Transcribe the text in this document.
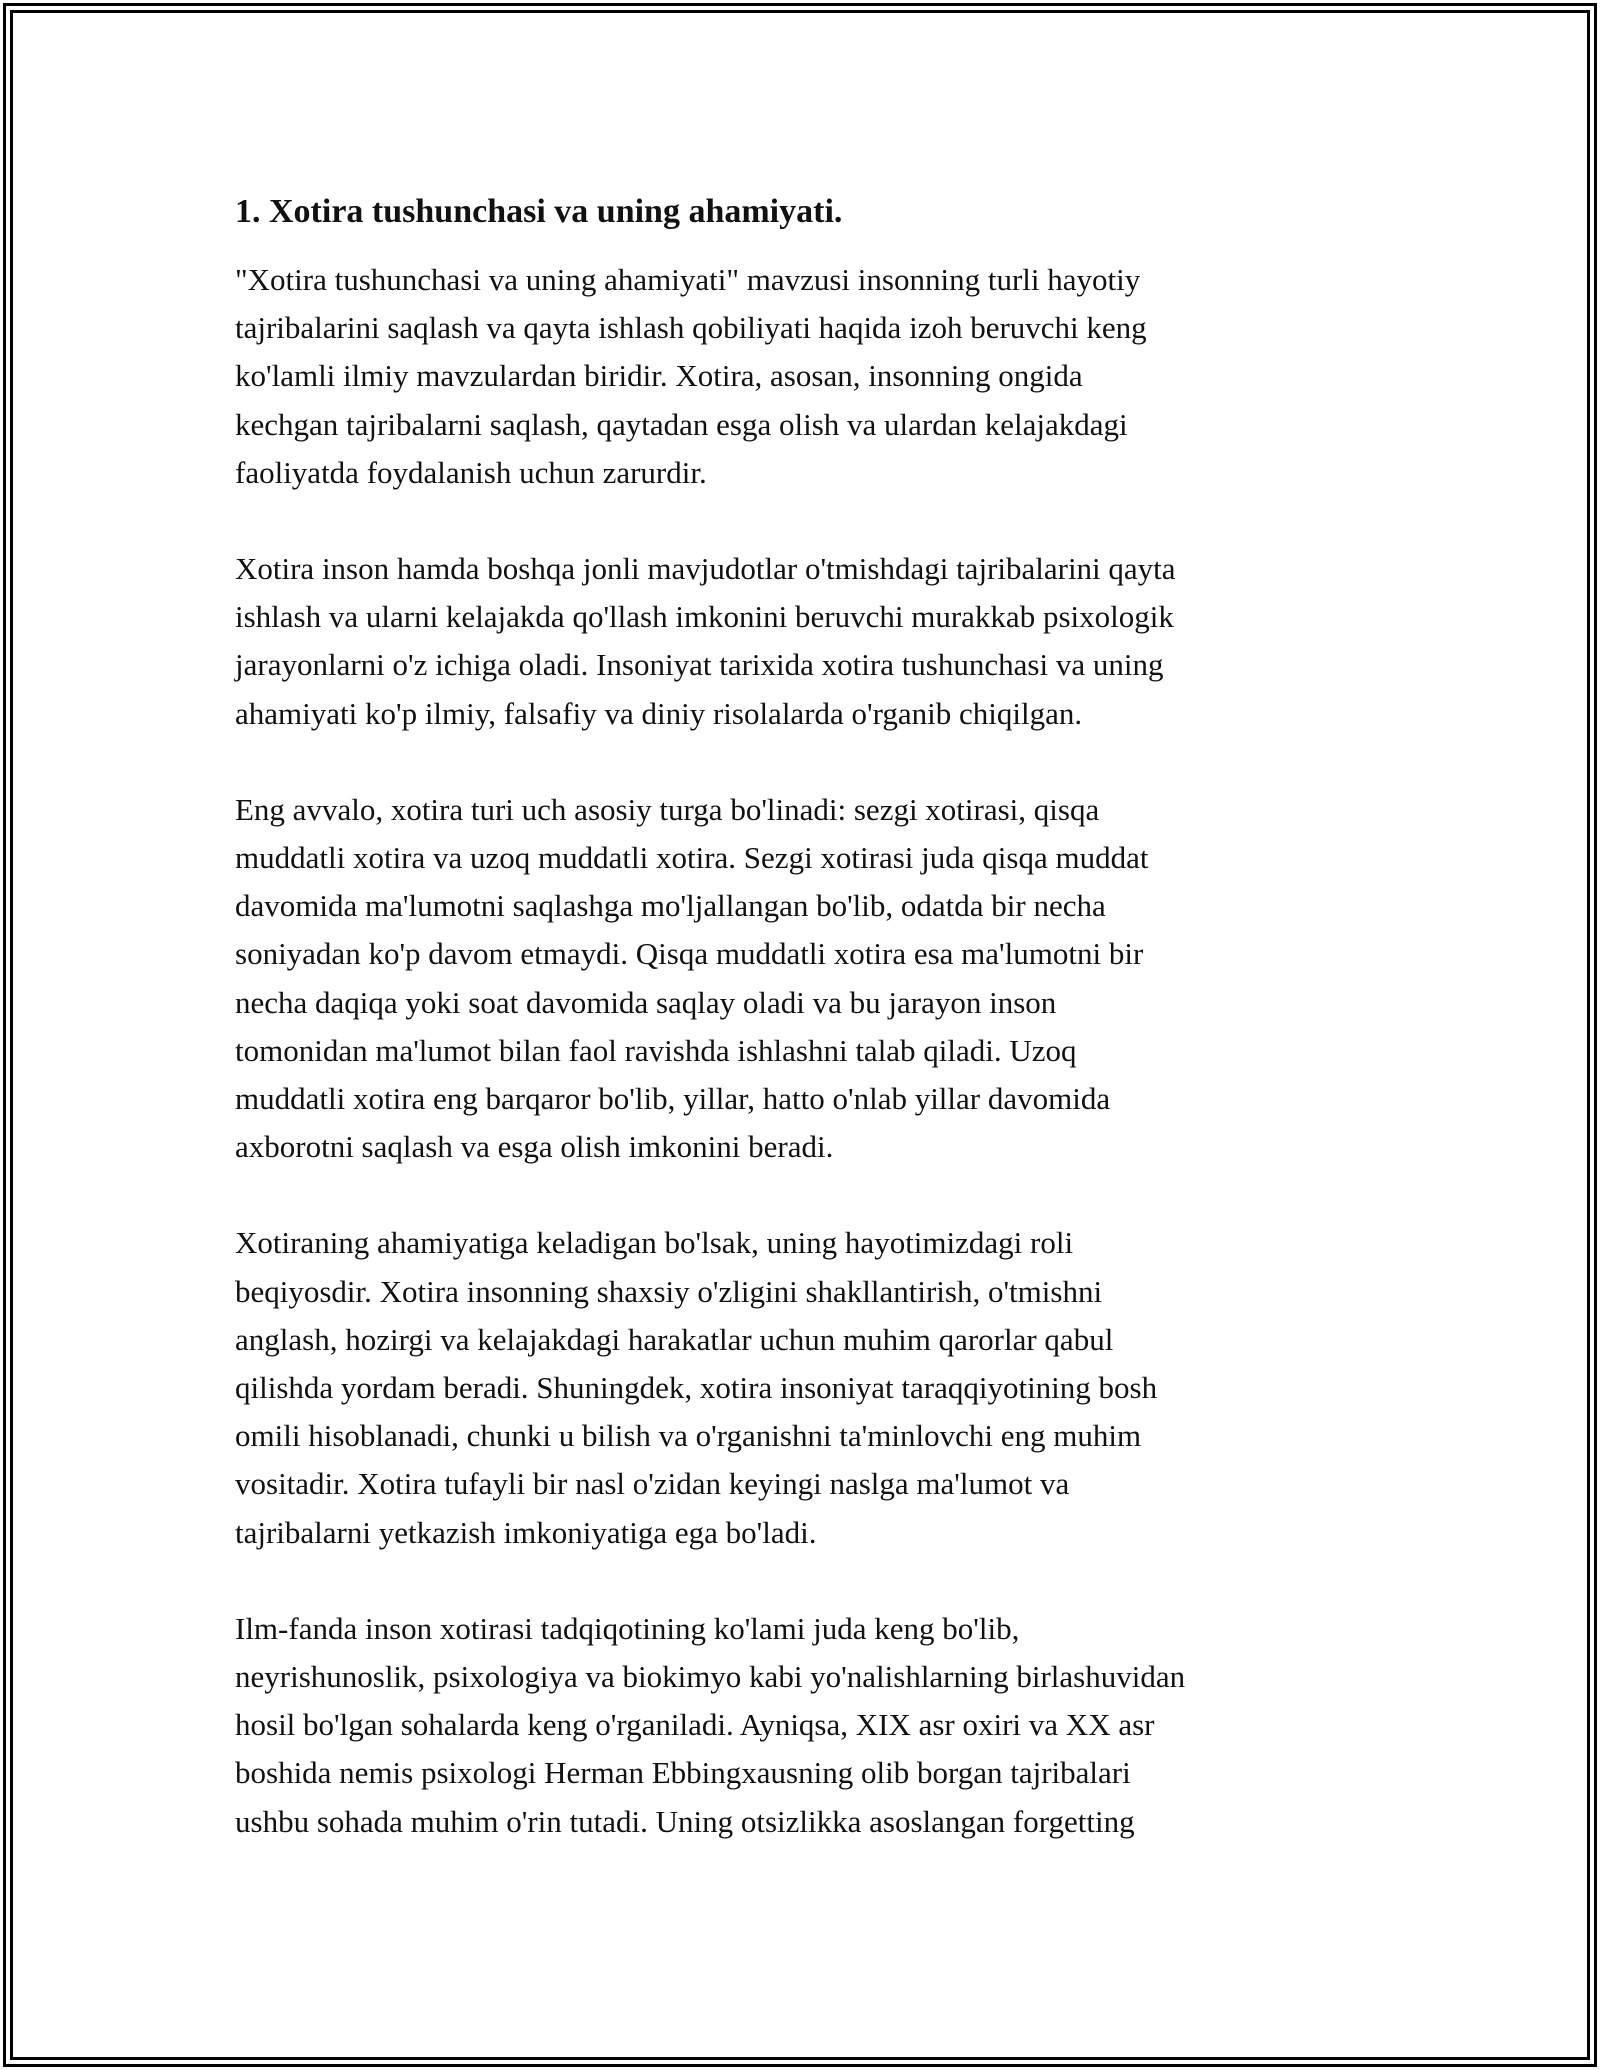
1. Xotira tushunchasi va uning ahamiyati.

"Xotira tushunchasi va uning ahamiyati" mavzusi insonning turli hayotiy
tajribalarini saqlash va qayta ishlash qobiliyati haqida izoh beruvchi keng
ko'lamli ilmiy mavzulardan biridir. Xotira, asosan, insonning ongida
kechgan tajribalarni saqlash, qaytadan esga olish va ulardan kelajakdagi
faoliyatda foydalanish uchun zarurdir.

Xotira inson hamda boshqa jonli mavjudotlar o'tmishdagi tajribalarini qayta
ishlash va ularni kelajakda qo'llash imkonini beruvchi murakkab psixologik
jarayonlarni o'z ichiga oladi. Insoniyat tarixida xotira tushunchasi va uning
ahamiyati ko'p ilmiy, falsafiy va diniy risolalarda o'rganib chiqilgan.

Eng avvalo, xotira turi uch asosiy turga bo'linadi: sezgi xotirasi, qisqa
muddatli xotira va uzoq muddatli xotira. Sezgi xotirasi juda qisqa muddat
davomida ma'lumotni saqlashga mo'ljallangan bo'lib, odatda bir necha
soniyadan ko'p davom etmaydi. Qisqa muddatli xotira esa ma'lumotni bir
necha daqiqa yoki soat davomida saqlay oladi va bu jarayon inson
tomonidan ma'lumot bilan faol ravishda ishlashni talab qiladi. Uzoq
muddatli xotira eng barqaror bo'lib, yillar, hatto o'nlab yillar davomida
axborotni saqlash va esga olish imkonini beradi.

Xotiraning ahamiyatiga keladigan bo'lsak, uning hayotimizdagi roli
beqiyosdir. Xotira insonning shaxsiy o'zligini shakllantirish, o'tmishni
anglash, hozirgi va kelajakdagi harakatlar uchun muhim qarorlar qabul
qilishda yordam beradi. Shuningdek, xotira insoniyat taraqqiyotining bosh
omili hisoblanadi, chunki u bilish va o'rganishni ta'minlovchi eng muhim
vositadir. Xotira tufayli bir nasl o'zidan keyingi naslga ma'lumot va
tajribalarni yetkazish imkoniyatiga ega bo'ladi.

Ilm-fanda inson xotirasi tadqiqotining ko'lami juda keng bo'lib,
neyrishunoslik, psixologiya va biokimyo kabi yo'nalishlarning birlashuvidan
hosil bo'lgan sohalarda keng o'rganiladi. Ayniqsa, XIX asr oxiri va XX asr
boshida nemis psixologi Herman Ebbingxausning olib borgan tajribalari
ushbu sohada muhim o'rin tutadi. Uning otsizlikka asoslangan forgetting
